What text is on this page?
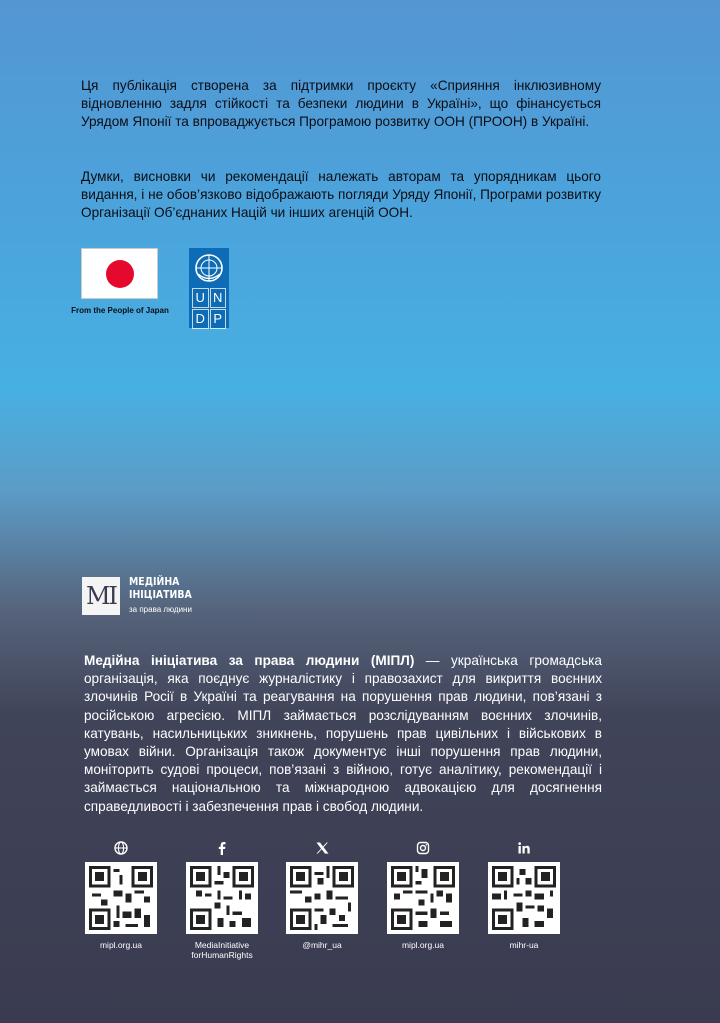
Ця публікація створена за підтримки проєкту «Сприяння інклюзивному відновленню задля стійкості та безпеки людини в Україні», що фінансується Урядом Японії та впроваджується Програмою розвитку ООН (ПРООН) в Україні.

Думки, висновки чи рекомендації належать авторам та упорядникам цього видання, і не обов’язково відображають погляди Уряду Японії, Програми розвитку Організації Об’єднаних Націй чи інших агенцій ООН.

From the People of Japan
U N
D P
MI
МЕДІЙНА
ІНІЦІАТИВА
за права людини

Медійна ініціатива за права людини (МІПЛ) — українська громадська організація, яка поєднує журналістику і правозахист для викриття воєнних злочинів Росії в Україні та реагування на порушення прав людини, пов’язані з російською агресією. МІПЛ займається розслідуванням воєнних злочинів, катувань, насильницьких зникнень, порушень прав цивільних і військових в умовах війни. Організація також документує інші порушення прав людини, моніторить судові процеси, пов’язані з війною, готує аналітику, рекомендації і займається національною та міжнародною адвокацією для досягнення справедливості і забезпечення прав і свобод людини.

mipl.org.ua	MediaInitiative forHumanRights
@mihr_ua	mipl.org.ua	mihr-ua
